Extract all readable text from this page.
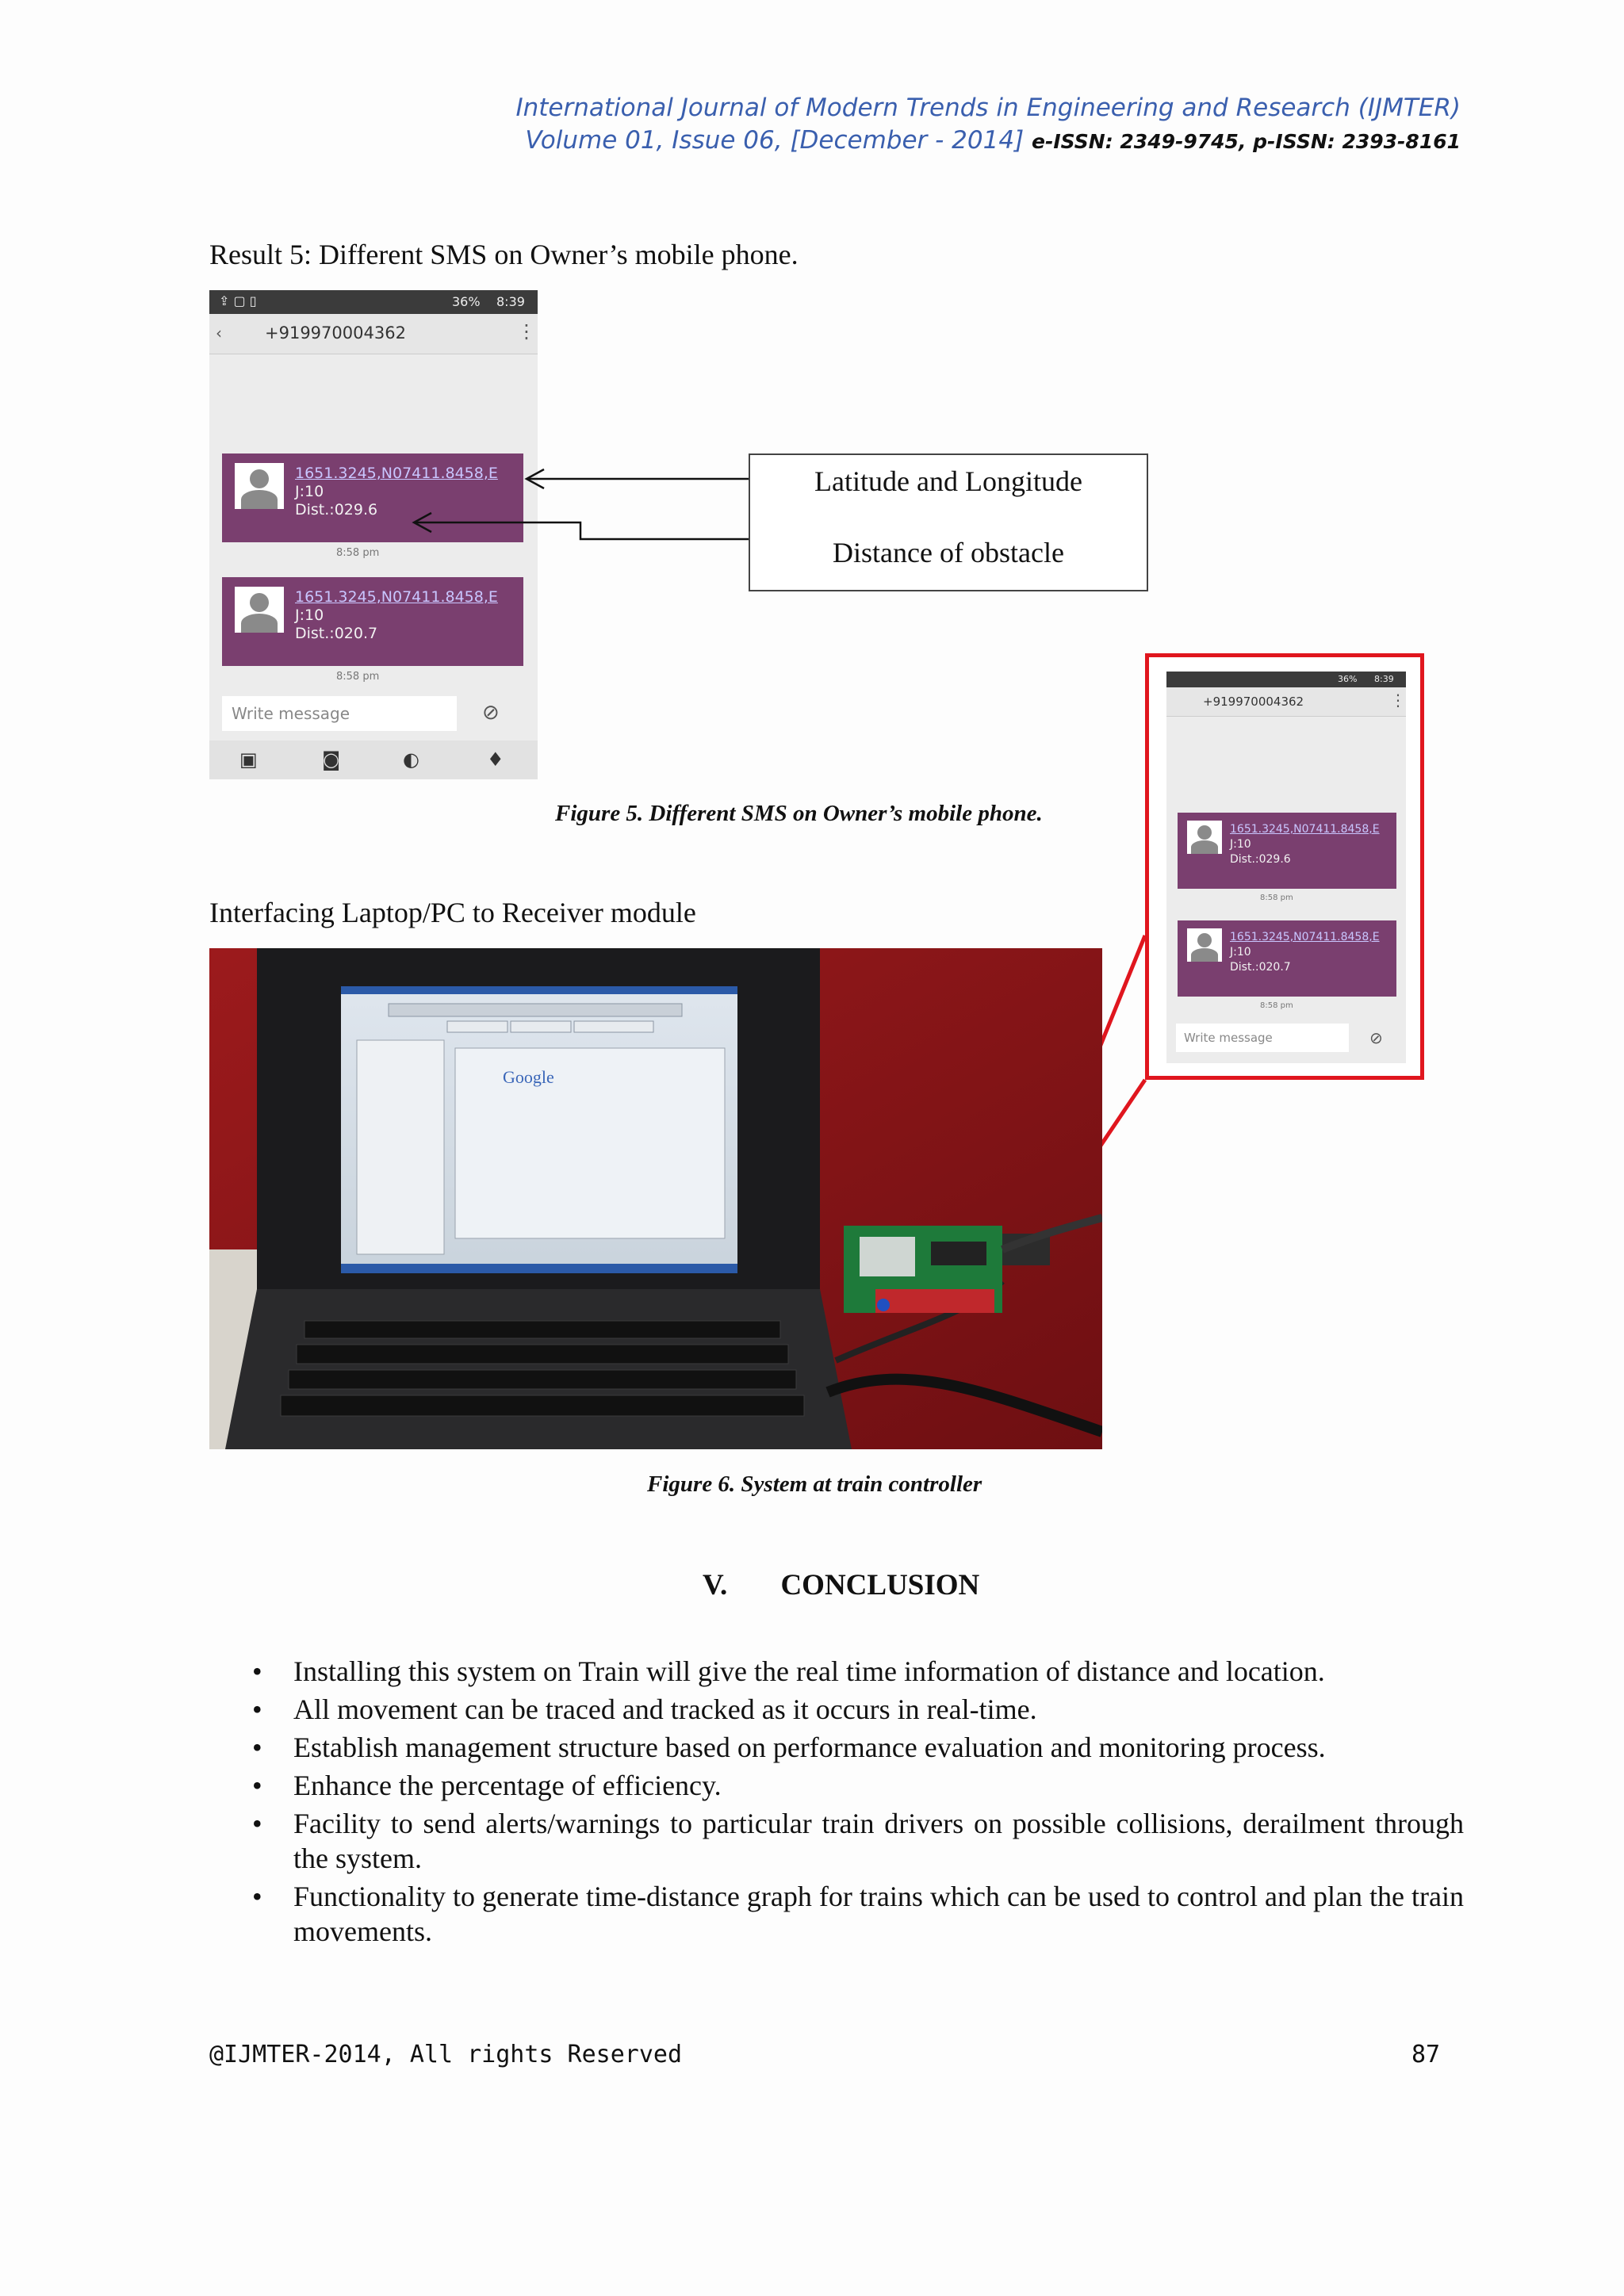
International Journal of Modern Trends in Engineering and Research (IJMTER)
Volume 01, Issue 06, [December - 2014] e-ISSN: 2349-9745, p-ISSN: 2393-8161
Result 5: Different SMS on Owner’s mobile phone.
⇪ ▢ ▯	36% 8:39
‹	+919970004362	⋮
1651.3245,N07411.8458,E
J:10
Dist.:029.6
8:58 pm
1651.3245,N07411.8458,E
J:10
Dist.:020.7
8:58 pm
Write message	⊘
▣	◙	◐	♦
Latitude and Longitude
Distance of obstacle
36% 8:39
+919970004362	⋮
1651.3245,N07411.8458,E
J:10
Dist.:029.6
8:58 pm
1651.3245,N07411.8458,E
J:10
Dist.:020.7
8:58 pm
Write message	⊘
Figure 5. Different SMS on Owner’s mobile phone.
Interfacing Laptop/PC to Receiver module
Google
Figure 6. System at train controller
V. CONCLUSION
• Installing this system on Train will give the real time information of distance and location.
• All movement can be traced and tracked as it occurs in real-time.
• Establish management structure based on performance evaluation and monitoring process.
• Enhance the percentage of efficiency.
• Facility to send alerts/warnings to particular train drivers on possible collisions, derailment through the system.
• Functionality to generate time-distance graph for trains which can be used to control and plan the train movements.
@IJMTER-2014, All rights Reserved	87
